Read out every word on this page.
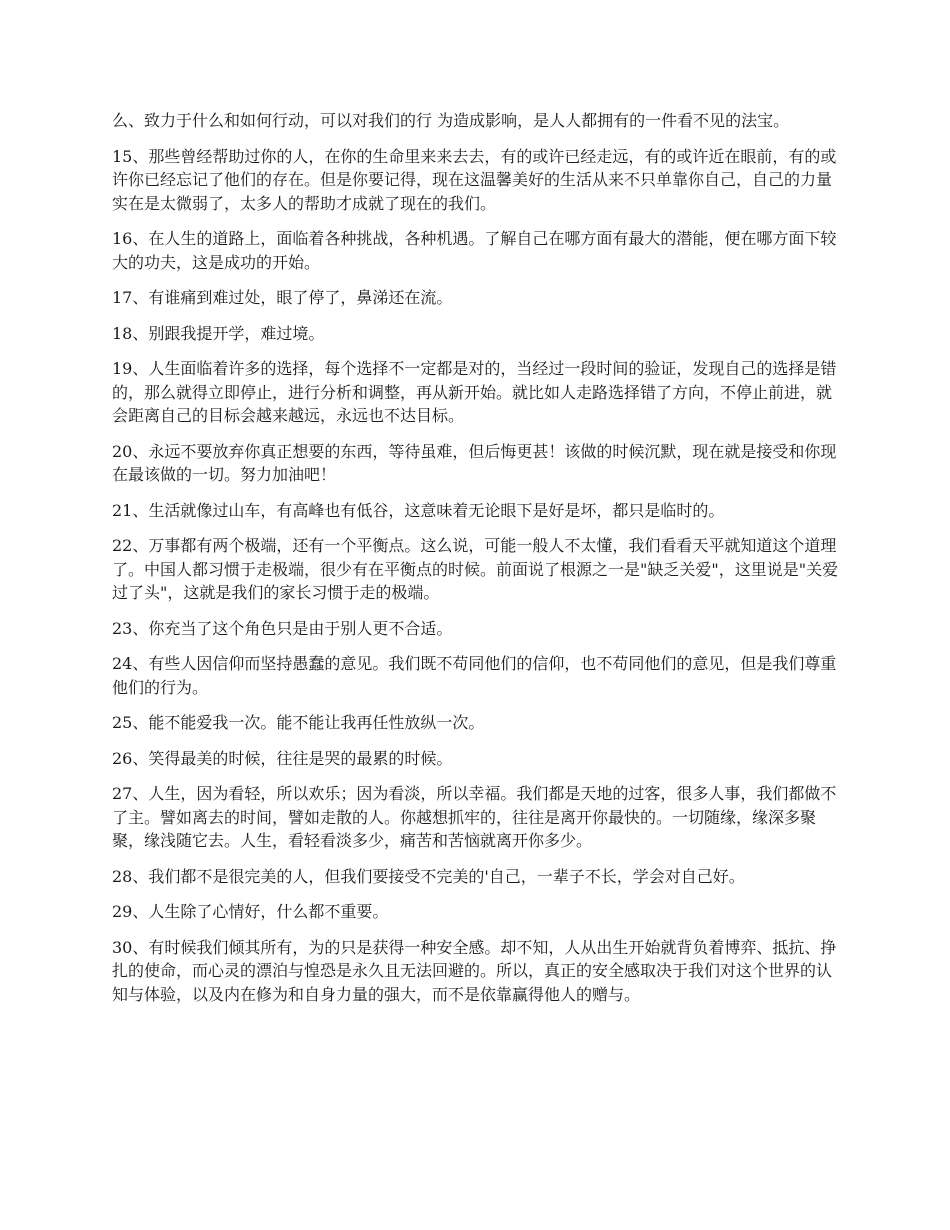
么、致力于什么和如何行动，可以对我们的行 为造成影响，是人人都拥有的一件看不见的法宝。

15、那些曾经帮助过你的人，在你的生命里来来去去，有的或许已经走远，有的或许近在眼前，有的或许你已经忘记了他们的存在。但是你要记得，现在这温馨美好的生活从来不只单靠你自己，自己的力量实在是太微弱了，太多人的帮助才成就了现在的我们。

16、在人生的道路上，面临着各种挑战，各种机遇。了解自己在哪方面有最大的潜能，便在哪方面下较大的功夫，这是成功的开始。

17、有谁痛到难过处，眼了停了，鼻涕还在流。

18、别跟我提开学，难过境。

19、人生面临着许多的选择，每个选择不一定都是对的，当经过一段时间的验证，发现自己的选择是错的，那么就得立即停止，进行分析和调整，再从新开始。就比如人走路选择错了方向，不停止前进，就会距离自己的目标会越来越远，永远也不达目标。

20、永远不要放弃你真正想要的东西，等待虽难，但后悔更甚！该做的时候沉默，现在就是接受和你现在最该做的一切。努力加油吧！

21、生活就像过山车，有高峰也有低谷，这意味着无论眼下是好是坏，都只是临时的。

22、万事都有两个极端，还有一个平衡点。这么说，可能一般人不太懂，我们看看天平就知道这个道理了。中国人都习惯于走极端，很少有在平衡点的时候。前面说了根源之一是"缺乏关爱"，这里说是"关爱过了头"，这就是我们的家长习惯于走的极端。

23、你充当了这个角色只是由于别人更不合适。

24、有些人因信仰而坚持愚蠢的意见。我们既不苟同他们的信仰，也不苟同他们的意见，但是我们尊重他们的行为。

25、能不能爱我一次。能不能让我再任性放纵一次。

26、笑得最美的时候，往往是哭的最累的时候。

27、人生，因为看轻，所以欢乐；因为看淡，所以幸福。我们都是天地的过客，很多人事，我们都做不了主。譬如离去的时间，譬如走散的人。你越想抓牢的，往往是离开你最快的。一切随缘，缘深多聚聚，缘浅随它去。人生，看轻看淡多少，痛苦和苦恼就离开你多少。

28、我们都不是很完美的人，但我们要接受不完美的'自己，一辈子不长，学会对自己好。

29、人生除了心情好，什么都不重要。

30、有时候我们倾其所有，为的只是获得一种安全感。却不知，人从出生开始就背负着博弈、抵抗、挣扎的使命，而心灵的漂泊与惶恐是永久且无法回避的。所以，真正的安全感取决于我们对这个世界的认知与体验，以及内在修为和自身力量的强大，而不是依靠赢得他人的赠与。
